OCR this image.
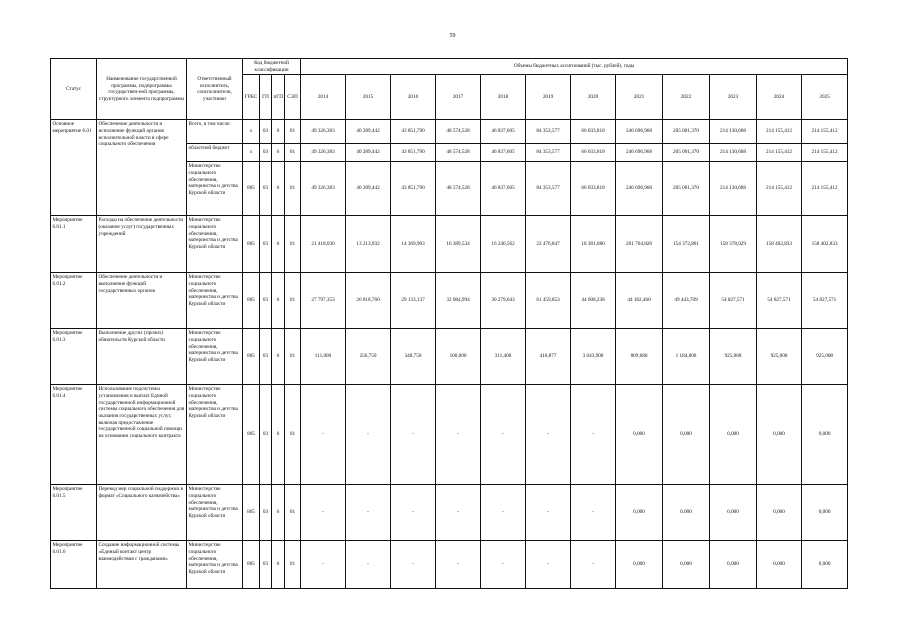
59
Статус	Наименование государственной программы, подпрограммы государствен-ной программы, структурного элемента подпрограммы	Ответственный исполнитель, соисполнители, участники	Код бюджетной классификации				Объемы бюджетных ассигнований (тыс. рублей), годы											
			ГРБС	ГП	пГП	СЭП	2014	2015	2016	2017	2018	2019	2020	2021	2022	2023	2024	2025
Основное мероприятие 6.01	Обеспечение деятельности и исполнение функций органов исполнительной власти в сфере социального обеспечения	Всего, в том числе:	х	03	6	01	49 326,383	40 289,442	43 851,790	48 574,528	46 837,605	84 353,577	66 033,818	246 696,968	205 001,370	214 130,608	214 155,412	214 155,412
		областной бюджет	х	03	6	01	49 326,383	40 289,442	43 851,790	48 574,528	46 837,605	84 353,577	66 033,818	246 696,968	205 001,370	214 130,608	214 155,412	214 155,412
		Министерство социального обеспечения, материнства и детства Курской области	805	03	6	01	49 326,383	40 289,442	43 851,790	48 574,528	46 837,605	84 353,577	66 033,818	246 696,968	205 001,370	214 130,608	214 155,412	214 155,412
Мероприятие 6.01.1	Расходы на обеспечение деятельности (оказание услуг) государственных учреждений	Министерство социального обеспечения, материнства и детства Курской области	805	03	6	01	21 418,030	13 213,932	14 369,903	16 389,534	16 246,562	22 476,847	18 381,680	201 704,828	154 372,861	158 378,029	158 402,833	158 402,833
Мероприятие 6.01.2	Обеспечение деятельности и выполнение функций государственных органов	Министерство социального обеспечения, материнства и детства Курской области	805	03	6	01	27 797,353	26 818,760	29 133,137	32 084,994	30 279,643	61 459,853	44 608,238	44 182,460	49 443,709	54 827,571	54 827,571	54 827,571
Мероприятие 6.01.3	Выполнение других (прочих) обязательств Курской области	Министерство социального обеспечения, материнства и детства Курской области	805	03	6	01	111,000	256,750	348,750	100,000	311,400	416,877	3 043,900	809,680	1 184,800	925,008	925,008	925,008
Мероприятие 6.01.4	Использование подсистемы установления и выплат Единой государственной информационной системы социального обеспечения для оказания государственных услуг, включая предоставление государственной социальной помощи на основании социального контракта	Министерство социального обеспечения, материнства и детства Курской области	805	03	6	01	-	-	-	-	-	-	-	0,000	0,000	0,000	0,000	0,000
Мероприятие 6.01.5	Перевод мер социальной поддержки в формат «Социального казначейства»	Министерство социального обеспечения, материнства и детства Курской области	805	03	6	01	-	-	-	-	-	-	-	0,000	0,000	0,000	0,000	0,000
Мероприятие 6.01.6	Создание информационной системы «Единый контакт центр взаимодействия с гражданами»	Министерство социального обеспечения, материнства и детства Курской области	805	03	6	01	-	-	-	-	-	-	-	0,000	0,000	0,000	0,000	0,000
